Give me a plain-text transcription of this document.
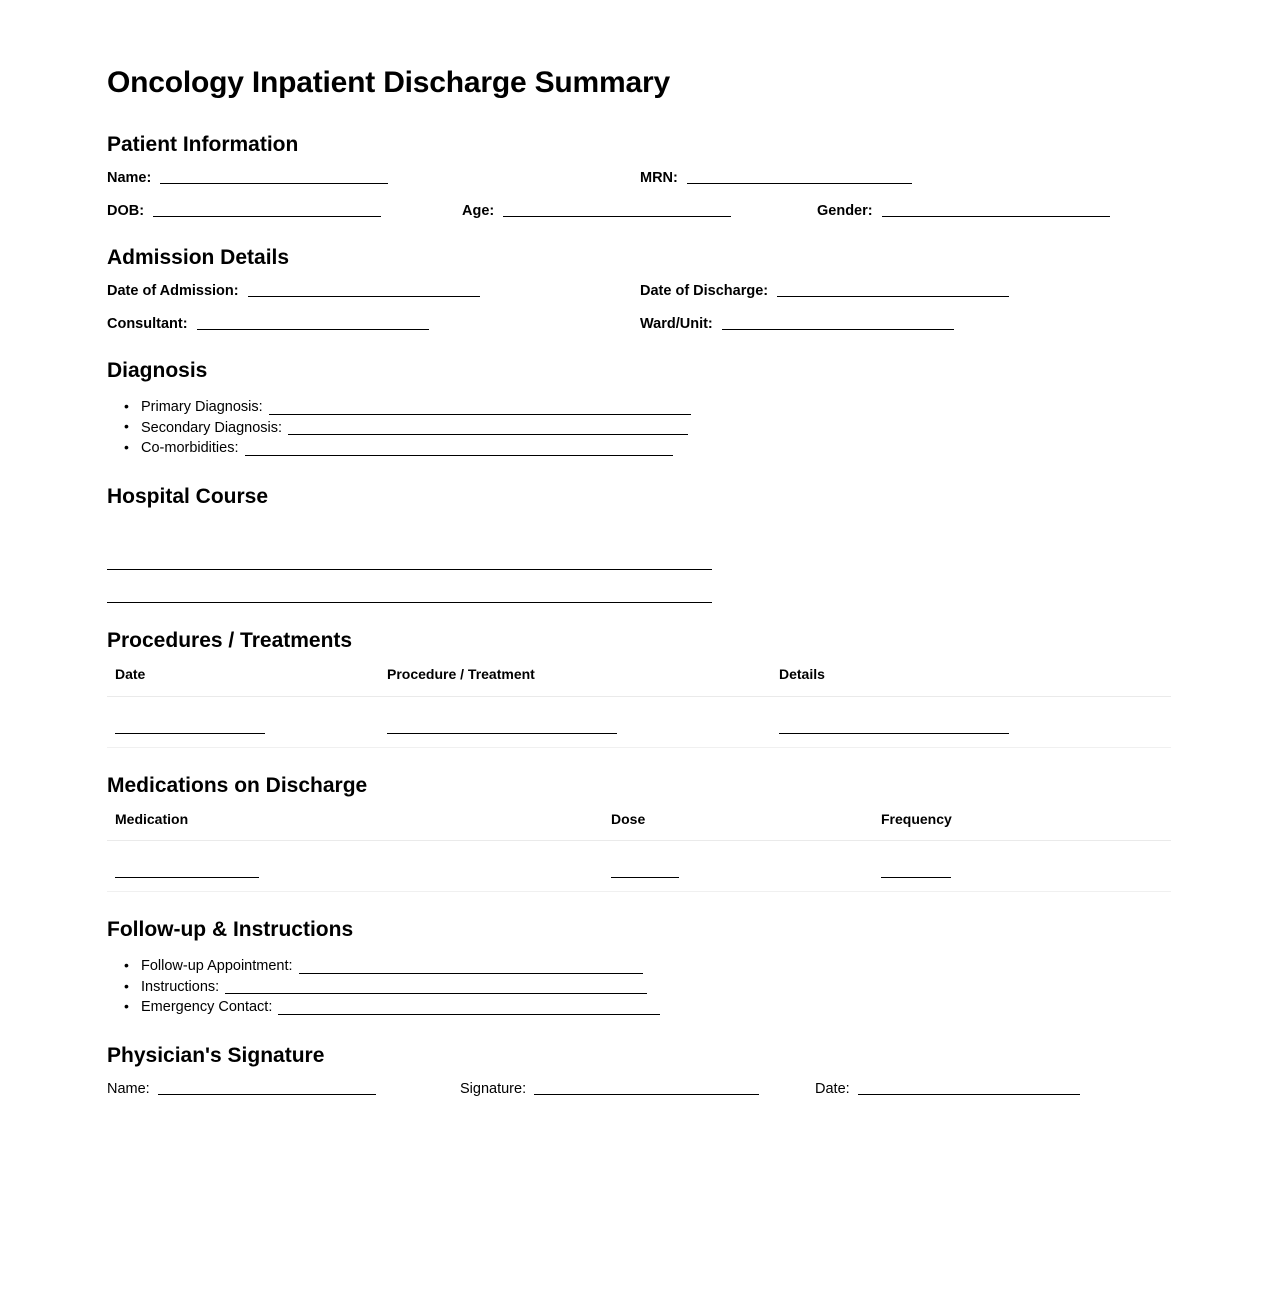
Oncology Inpatient Discharge Summary
Patient Information
Name:	MRN:
DOB:	Age:	Gender:
Admission Details
Date of Admission:	Date of Discharge:
Consultant:	Ward/Unit:
Diagnosis
• Primary Diagnosis:
• Secondary Diagnosis:
• Co-morbidities:
Hospital Course
Procedures / Treatments
Date	Procedure / Treatment	Details

Medications on Discharge
Medication	Dose	Frequency

Follow-up & Instructions
• Follow-up Appointment:
• Instructions:
• Emergency Contact:
Physician's Signature
Name:	Signature:	Date:
